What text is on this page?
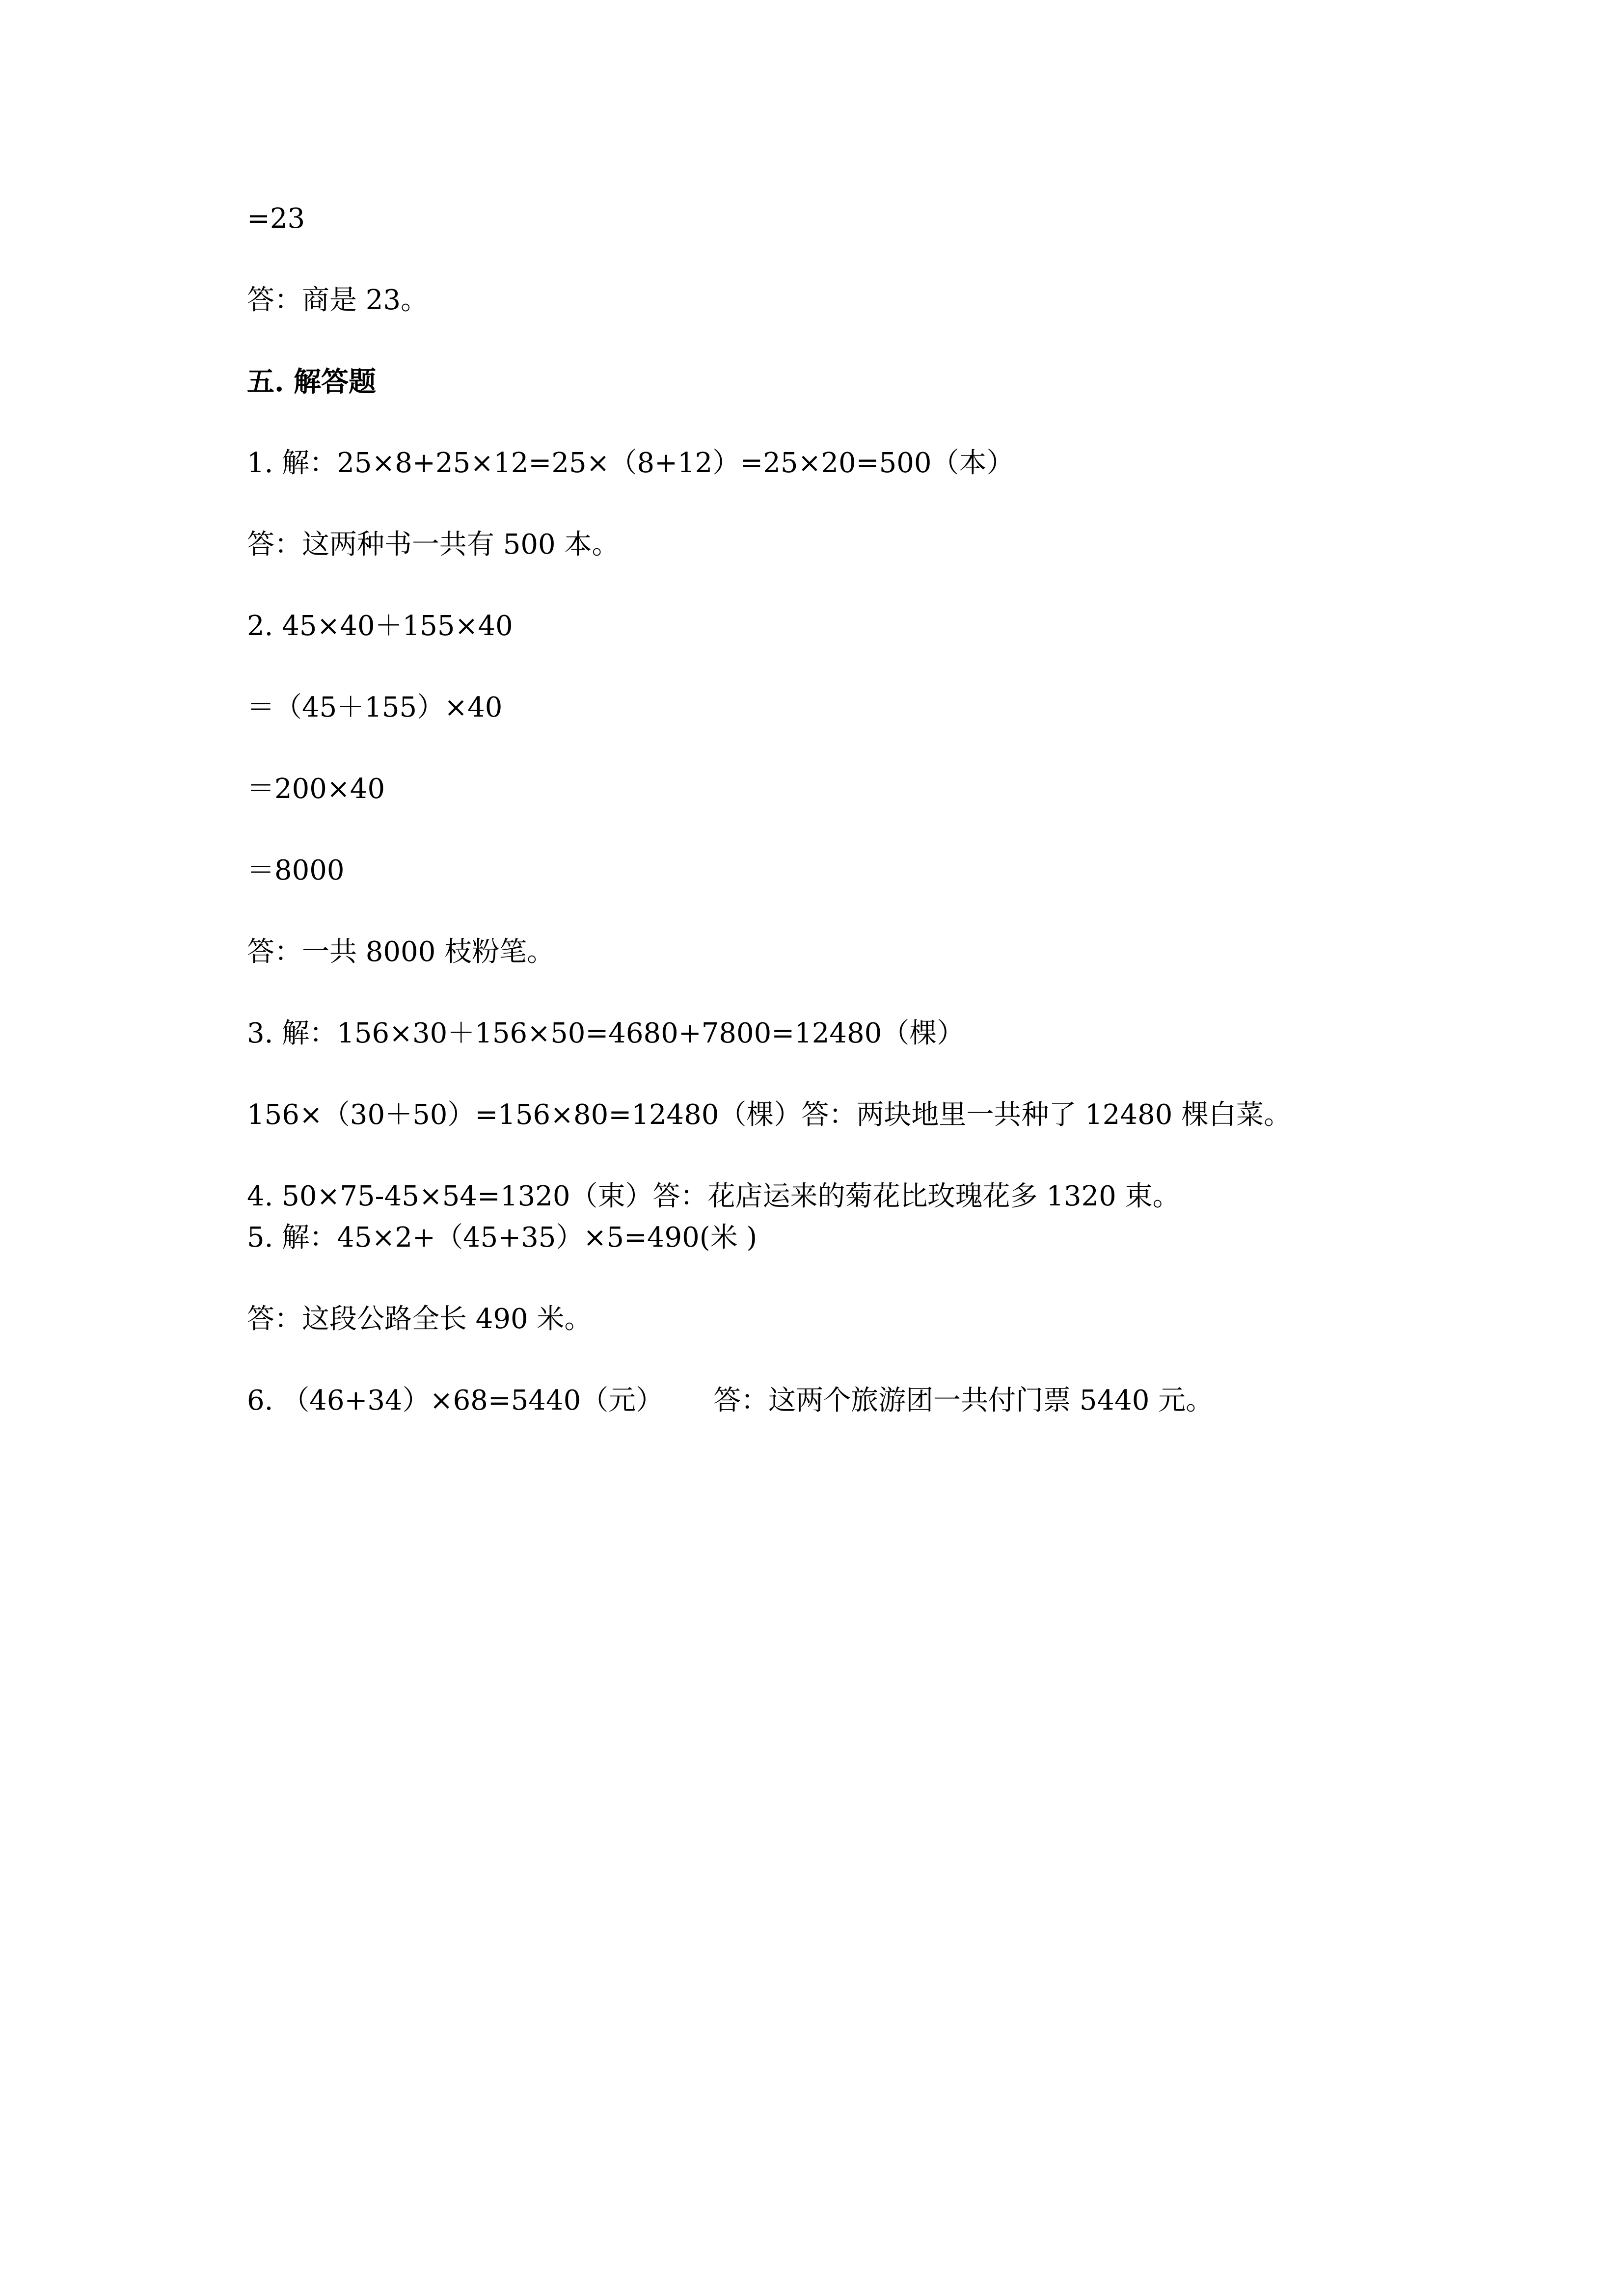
=23
答：商是 23。
五. 解答题
1. 解：25×8+25×12=25×（8+12）=25×20=500（本）
答：这两种书一共有 500 本。
2. 45×40＋155×40
＝（45＋155）×40
＝200×40
＝8000
答：一共 8000 枝粉笔。
3. 解：156×30＋156×50=4680+7800=12480（棵）
156×（30＋50）=156×80=12480（棵）答：两块地里一共种了 12480 棵白菜。
4. 50×75-45×54=1320（束）答：花店运来的菊花比玫瑰花多 1320 束。
5. 解：45×2+（45+35）×5=490(米 )
答：这段公路全长 490 米。
6. （46+34）×68=5440（元）　　 答：这两个旅游团一共付门票 5440 元。
